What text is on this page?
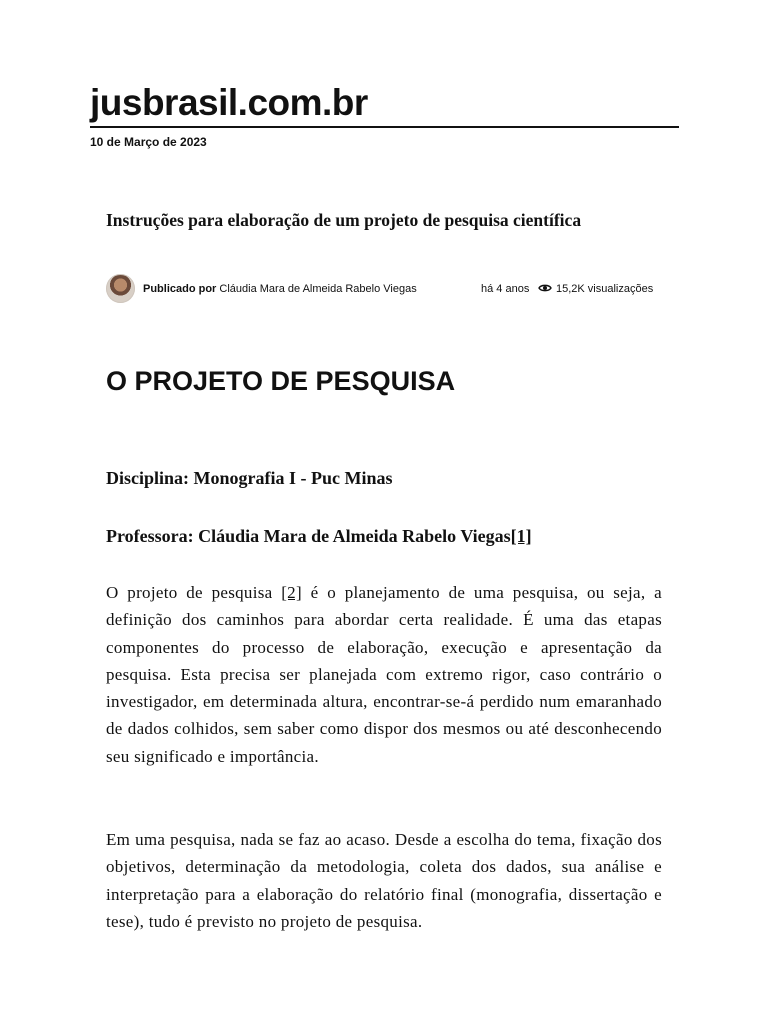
jusbrasil.com.br
10 de Março de 2023
Instruções para elaboração de um projeto de pesquisa científica
Publicado por Cláudia Mara de Almeida Rabelo Viegas	há 4 anos	15,2K visualizações
O PROJETO DE PESQUISA
Disciplina: Monografia I - Puc Minas
Professora: Cláudia Mara de Almeida Rabelo Viegas[1]
O projeto de pesquisa [2] é o planejamento de uma pesquisa, ou seja, a definição dos caminhos para abordar certa realidade. É uma das etapas componentes do processo de elaboração, execução e apresentação da pesquisa. Esta precisa ser planejada com extremo rigor, caso contrário o investigador, em determinada altura, encontrar-se-á perdido num emaranhado de dados colhidos, sem saber como dispor dos mesmos ou até desconhecendo seu significado e importância.
Em uma pesquisa, nada se faz ao acaso. Desde a escolha do tema, fixação dos objetivos, determinação da metodologia, coleta dos dados, sua análise e interpretação para a elaboração do relatório final (monografia, dissertação e tese), tudo é previsto no projeto de pesquisa.
